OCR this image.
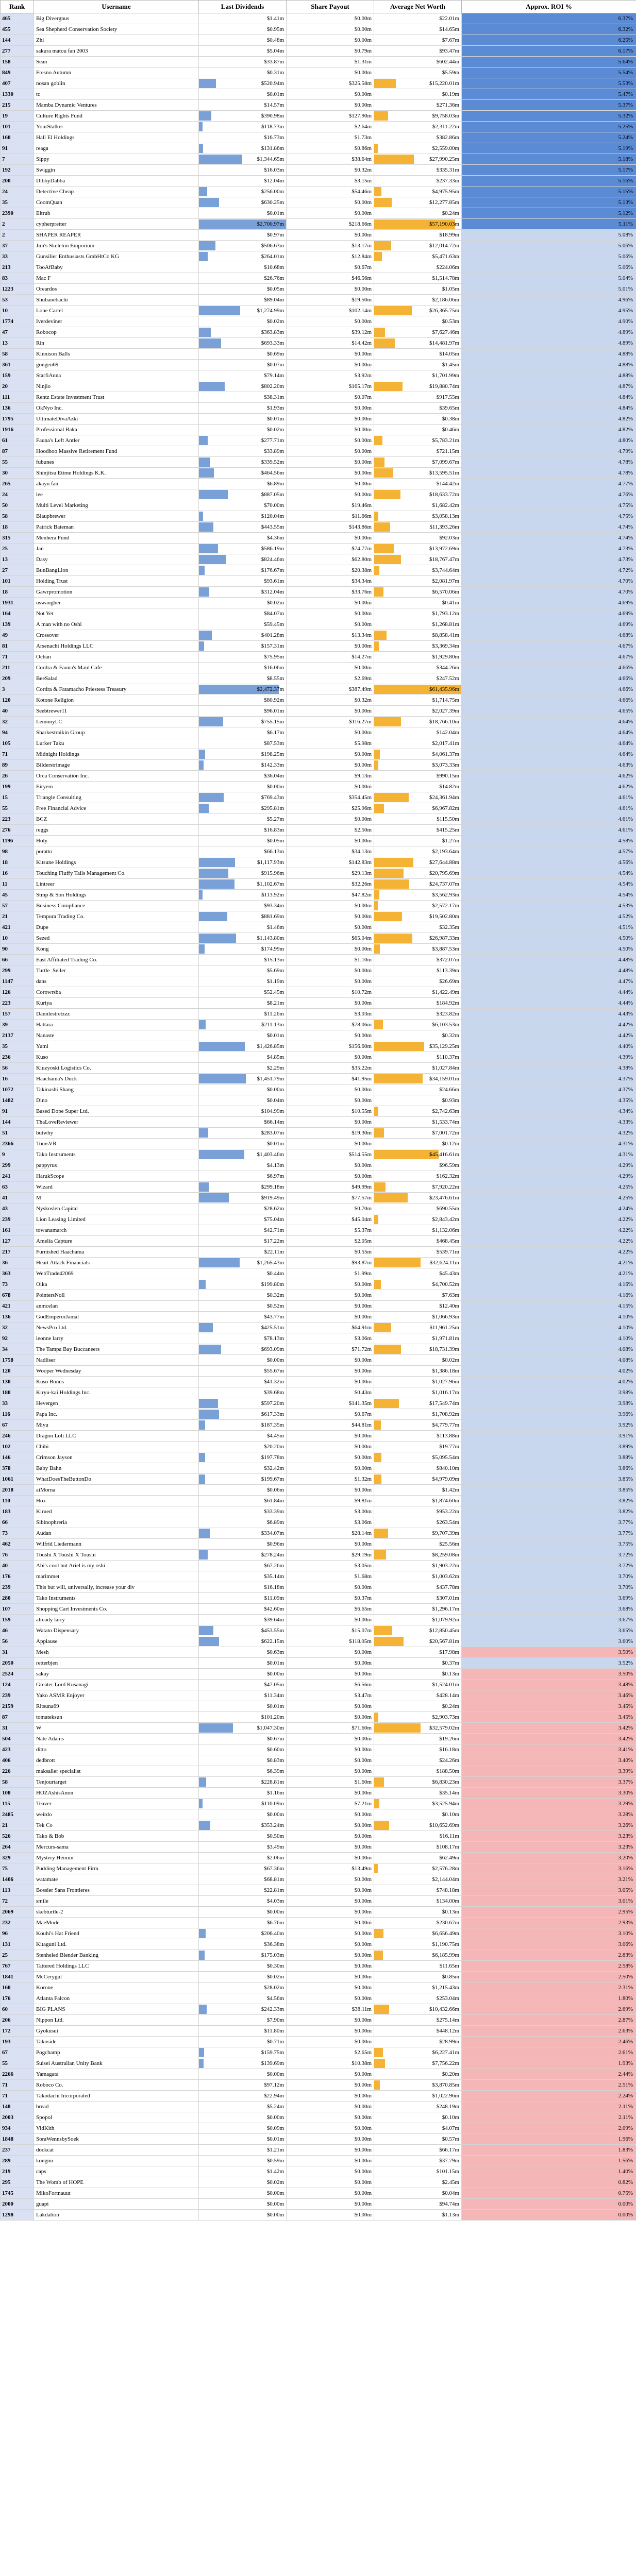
Rank	Username	Last Dividends	Share Payout	Average Net Worth	Approx. ROI %
465	Big Divergnus	$1.41m	$0.00m	$22.01m	6.37%
455	Sea Shepherd Conservation Society	$0.95m	$0.00m	$14.65m	6.32%
144	Zhi	$0.48m	$0.00m	$7.67m	6.25%
277	sakura matou fan 2003	$5.04m	$0.79m	$93.47m	6.17%
158	Sean	$33.87m	$1.31m	$602.44m	5.64%
849	Fresno Autumn	$0.31m	$0.00m	$5.59m	5.54%
407	nosan goblin	$520.94m	$325.58m	$15,220.01m	5.53%
1330	tc	$0.01m	$0.00m	$0.19m	5.47%
215	Mamba Dynamic Ventures	$14.57m	$0.00m	$271.36m	5.37%
19	Culture Rights Fund	$390.98m	$127.90m	$9,758.03m	5.32%
101	YourStalker	$118.73m	$2.64m	$2,311.22m	5.25%
160	Hall El Holdings	$16.73m	$1.73m	$382.86m	5.24%
91	reaga	$131.86m	$0.86m	$2,559.00m	5.19%
7	Sippy	$1,344.65m	$38.64m	$27,990.25m	5.18%
192	Swiggin	$16.03m	$0.32m	$335.31m	5.17%
200	DibbyDabba	$12.04m	$3.15m	$237.33m	5.16%
24	Detective Cheap	$256.00m	$54.46m	$4,975.95m	5.15%
35	CoomQuan	$630.25m	$0.00m	$12,277.85m	5.13%
2390	Eltrub	$0.01m	$0.00m	$0.24m	5.12%
2	cypherpretter	$2,700.97m	$218.66m	$57,190.03m	5.11%
2	SHAPER REAPER	$0.97m	$0.00m	$18.99m	5.08%
37	Jim's Skeleton Emporium	$506.63m	$13.17m	$12,014.72m	5.06%
33	Gunsilier Enthusiasts GmbHtCo KG	$264.01m	$12.84m	$5,471.63m	5.06%
213	TooAfBaby	$10.68m	$0.67m	$224.06m	5.06%
83	Mac F	$26.76m	$46.56m	$1,514.78m	5.04%
1223	Oreardos	$0.05m	$0.00m	$1.05m	5.01%
53	Shubanebachi	$89.04m	$19.50m	$2,186.06m	4.96%
10	Lone Cartel	$1,274.99m	$102.14m	$26,365.75m	4.95%
1774	Iverdeviner	$0.02m	$0.00m	$0.53m	4.90%
47	Robocop	$363.83m	$39.12m	$7,627.46m	4.89%
13	Rin	$693.33m	$14.42m	$14,481.97m	4.89%
58	Kinnison Balls	$0.69m	$0.00m	$14.05m	4.88%
361	gongen69	$0.07m	$0.00m	$1.45m	4.88%
159	StarfiAnna	$79.14m	$3.92m	$1,701.99m	4.88%
20	Ninjio	$802.20m	$165.17m	$19,880.74m	4.87%
111	Rentz Estate Investment Trust	$38.31m	$0.07m	$917.55m	4.84%
136	OkNyo Inc.	$1.93m	$0.00m	$39.65m	4.84%
1795	UltimateDivaAzki	$0.01m	$0.00m	$0.38m	4.82%
1916	Professional Baka	$0.02m	$0.00m	$0.46m	4.82%
61	Fauna's Left Antler	$277.71m	$0.00m	$5,783.21m	4.80%
87	Hoodboo Massive Retirement Fund	$33.89m	$0.00m	$721.15m	4.79%
55	fubunes	$339.52m	$0.00m	$7,099.67m	4.78%
30	Shinjitsu Etime Holdings K.K.	$464.56m	$0.00m	$13,595.51m	4.78%
265	akayu fan	$6.89m	$0.00m	$144.42m	4.77%
24	lee	$887.05m	$0.00m	$18,633.72m	4.76%
50	Multi Level Marketing	$70.00m	$19.46m	$1,682.42m	4.75%
58	Blaupbrewer	$120.04m	$11.66m	$3,058.13m	4.75%
18	Patrick Bateman	$443.55m	$143.86m	$11,393.26m	4.74%
315	Menhera Fund	$4.36m	$0.00m	$92.03m	4.74%
25	Jan	$586.19m	$74.77m	$13,972.69m	4.73%
13	Dasy	$824.46m	$62.80m	$18,767.47m	4.73%
27	BunBangLion	$176.67m	$20.38m	$3,744.64m	4.72%
101	Holding Trust	$93.61m	$34.34m	$2,081.97m	4.70%
18	Gawrpromotion	$312.04m	$33.76m	$6,570.06m	4.70%
1931	uswangher	$0.02m	$0.00m	$0.41m	4.69%
164	Not Yet	$84.07m	$0.00m	$1,793.12m	4.69%
139	A man with no Oshi	$59.45m	$0.00m	$1,268.81m	4.69%
49	Crossover	$401.28m	$13.34m	$8,858.41m	4.68%
81	Arsenachi Holdings LLC	$157.31m	$0.00m	$3,369.34m	4.67%
71	Ochan	$75.95m	$14.27m	$1,929.80m	4.67%
211	Cordra & Fauna's Maid Cafe	$16.06m	$0.00m	$344.26m	4.66%
209	BeeSalad	$8.55m	$2.69m	$247.52m	4.66%
3	Cordra & Fatamacho Priestess Treasury	$2,472.37m	$387.49m	$61,435.96m	4.66%
120	Kotone Religion	$80.92m	$0.32m	$1,714.75m	4.66%
40	Seebtrewer11	$96.01m	$0.00m	$2,027.39m	4.65%
32	LemonyLC	$755.15m	$116.27m	$18,766.10m	4.64%
94	Sharkestraikin Group	$6.17m	$0.00m	$142.04m	4.64%
105	Lurker Taku	$87.53m	$5.98m	$2,017.41m	4.64%
71	Midnight Holdings	$198.25m	$0.00m	$4,061.37m	4.64%
89	Bilderstrimage	$142.33m	$0.00m	$3,073.33m	4.63%
26	Orca Conservation Inc.	$36.04m	$9.13m	$990.15m	4.62%
199	Eiryem	$0.00m	$0.00m	$14.82m	4.62%
15	Triangle Consulting	$769.43m	$354.45m	$24,361.94m	4.61%
55	Free Financial Advice	$295.81m	$25.96m	$6,967.82m	4.61%
223	BCZ	$5.27m	$0.00m	$115.50m	4.61%
276	reggs	$16.83m	$2.50m	$415.25m	4.61%
1196	Holy	$0.05m	$0.00m	$1.27m	4.58%
98	poratto	$66.13m	$34.13m	$2,193.64m	4.57%
18	Kitsune Holdings	$1,117.93m	$142.83m	$27,644.88m	4.56%
16	Touching Fluffy Tails Management Co.	$915.96m	$29.13m	$20,795.69m	4.54%
11	Lintreer	$1,102.67m	$32.26m	$24,737.07m	4.54%
45	Stmp & Son Holdings	$113.92m	$47.82m	$3,562.93m	4.54%
57	Business Compliance	$93.34m	$0.00m	$2,572.17m	4.53%
21	Tempura Trading Co.	$881.69m	$0.00m	$19,502.80m	4.52%
421	Dupe	$1.46m	$0.00m	$32.35m	4.51%
10	Sezed	$1,143.80m	$65.04m	$26,987.33m	4.50%
90	Kong	$174.99m	$0.00m	$3,887.53m	4.50%
66	East Affiliated Trading Co.	$15.13m	$1.10m	$372.07m	4.48%
299	Turtle_Seller	$5.69m	$0.00m	$113.39m	4.48%
1147	dans	$1.19m	$0.00m	$26.69m	4.47%
126	Corowrsba	$52.45m	$10.72m	$1,422.49m	4.44%
223	Kuriya	$8.21m	$0.00m	$184.92m	4.44%
157	Dannlestretzzz	$11.26m	$3.03m	$323.82m	4.43%
39	Hattara	$211.13m	$78.06m	$6,103.53m	4.42%
2137	Nanaste	$0.01m	$0.00m	$0.32m	4.42%
35	Yumi	$1,426.85m	$156.60m	$35,129.25m	4.40%
236	Kuso	$4.85m	$0.00m	$110.37m	4.39%
56	Kiuzyoski Logistics Co.	$2.29m	$35.22m	$1,027.84m	4.38%
16	Haachama's Duck	$1,451.79m	$41.95m	$34,159.01m	4.37%
1072	Takinashi Shang	$0.00m	$0.00m	$24.66m	4.37%
1482	Dino	$0.04m	$0.00m	$0.93m	4.35%
91	Based Dope Super Ltd.	$104.99m	$10.55m	$2,742.63m	4.34%
144	ThaLoveReviewer	$66.14m	$0.00m	$1,533.74m	4.33%
51	butwhy	$283.07m	$19.30m	$7,001.72m	4.32%
2366	TomsVR	$0.01m	$0.00m	$0.12m	4.31%
9	Tako Instruments	$1,403.46m	$514.55m	$45,416.61m	4.31%
299	pappyrus	$4.13m	$0.00m	$96.59m	4.29%
241	HarukScope	$6.97m	$0.00m	$162.32m	4.29%
63	Wizard	$299.18m	$49.99m	$7,920.22m	4.25%
41	M	$919.49m	$77.57m	$23,476.61m	4.25%
43	Nyskoslen Capital	$28.62m	$0.70m	$690.55m	4.24%
239	Lion Leasing Limited	$75.04m	$45.04m	$2,843.42m	4.22%
161	towanamarch	$42.71m	$5.37m	$1,132.06m	4.22%
127	Amelia Capture	$17.22m	$2.05m	$468.45m	4.22%
217	Furnished Haachama	$22.11m	$0.55m	$539.71m	4.22%
36	Heart Attack Financials	$1,265.43m	$93.87m	$32,624.11m	4.21%
363	WebTrade42069	$0.44m	$1.99m	$45.43m	4.21%
73	Oika	$199.80m	$0.00m	$4,700.52m	4.16%
678	PointersNoll	$0.32m	$0.00m	$7.63m	4.16%
421	anmcelan	$0.52m	$0.00m	$12.40m	4.15%
136	GodEmperorJamal	$43.77m	$0.00m	$1,066.93m	4.10%
32	NewsPro Ltd.	$425.51m	$64.91m	$11,961.25m	4.10%
92	leonne larry	$78.13m	$3.06m	$1,971.81m	4.10%
34	The Tampa Bay Buccaneers	$693.09m	$71.72m	$18,731.39m	4.08%
1758	Nadliser	$0.00m	$0.00m	$0.02m	4.08%
120	Wooper Wednesday	$55.67m	$0.00m	$1,386.18m	4.02%
130	Kuso Bonus	$41.32m	$0.00m	$1,027.96m	4.02%
180	Kiryu-kai Holdings Inc.	$39.68m	$0.43m	$1,016.17m	3.98%
33	Hevergen	$597.20m	$141.35m	$17,549.74m	3.98%
116	Papa Inc.	$617.33m	$0.67m	$1,708.92m	3.96%
67	Miyu	$187.35m	$44.81m	$4,779.77m	3.92%
246	Dragon Loli LLC	$4.45m	$0.00m	$113.88m	3.91%
102	Chibi	$20.20m	$0.00m	$19.77m	3.89%
146	Crimson Jayson	$197.78m	$0.00m	$5,095.54m	3.88%
378	Baby Bahn	$32.42m	$0.00m	$840.10m	3.86%
1061	WhatDoesTheButtonDo	$199.67m	$1.32m	$4,979.09m	3.85%
2018	aiMorna	$0.06m	$0.00m	$1.42m	3.85%
110	Hox	$61.84m	$9.81m	$1,874.60m	3.82%
183	Kirued	$33.39m	$3.00m	$953.22m	3.82%
66	Sibinophreria	$6.89m	$3.06m	$263.54m	3.77%
73	Audan	$334.07m	$28.14m	$9,707.39m	3.77%
462	Wilfrid Liedermann	$0.96m	$0.00m	$25.56m	3.75%
76	Toushi X Toushi X Toushi	$278.24m	$29.19m	$8,259.08m	3.72%
40	Abi's cool but Ariel is my oshi	$67.26m	$3.05m	$1,903.22m	3.72%
176	marimmet	$35.14m	$1.68m	$1,003.62m	3.70%
239	This but will, universally, increase your div	$16.18m	$0.00m	$437.78m	3.70%
280	Tako Instruments	$11.09m	$0.37m	$307.01m	3.69%
107	Shopping Cart Investments Co.	$42.60m	$6.65m	$1,296.17m	3.68%
159	already larry	$39.64m	$0.00m	$1,079.92m	3.67%
46	Watato Dispensary	$453.55m	$15.07m	$12,850.45m	3.65%
56	Applause	$622.15m	$118.05m	$20,567.81m	3.60%
31	Mesh	$0.63m	$0.00m	$17.98m	3.50%
2050	retterbjen	$0.01m	$0.00m	$0.37m	3.52%
2524	sakay	$0.00m	$0.00m	$0.13m	3.50%
124	Greater Lord Kusanagi	$47.05m	$6.56m	$1,524.01m	3.48%
239	Yako ASMR Enjoyer	$11.34m	$3.47m	$428.14m	3.46%
2159	Ritsuna69	$0.01m	$0.00m	$0.24m	3.45%
87	tomateksun	$101.20m	$0.00m	$2,903.73m	3.45%
31	W	$1,047.30m	$71.60m	$32,579.02m	3.42%
504	Nate Adams	$0.67m	$0.00m	$19.26m	3.42%
423	ditto	$0.60m	$0.00m	$16.18m	3.41%
406	dedbrott	$0.83m	$0.00m	$24.26m	3.40%
226	maksaller specialist	$6.39m	$0.00m	$188.50m	3.39%
58	Tenjourtarget	$228.81m	$1.60m	$6,830.23m	3.37%
108	HOZAshisAnon	$1.16m	$0.00m	$35.14m	3.30%
115	Teaver	$110.09m	$7.21m	$3,525.94m	3.29%
2485	weirdo	$0.00m	$0.00m	$0.10m	3.28%
21	Tek Co	$353.24m	$0.00m	$10,652.69m	3.26%
526	Tako & Bob	$0.50m	$0.00m	$16.11m	3.23%
264	Mercurs-sama	$3.49m	$0.00m	$108.17m	3.23%
329	Mystery Heimin	$2.06m	$0.00m	$62.49m	3.20%
75	Pudding Management Firm	$67.36m	$13.49m	$2,576.28m	3.16%
1406	watamate	$68.81m	$0.00m	$2,144.04m	3.21%
113	Bossier Sans Frontieres	$22.81m	$0.00m	$748.18m	3.05%
72	smile	$4.03m	$0.00m	$134.00m	3.01%
2069	skebturtle-2	$0.00m	$0.00m	$0.13m	2.95%
232	MaeMode	$6.76m	$0.00m	$230.67m	2.93%
96	Kouhi's Hat Friend	$206.40m	$0.00m	$6,656.49m	3.10%
131	Kitaguni Ltd.	$36.38m	$0.00m	$1,190.75m	3.06%
25	Stenheled Blender Banking	$175.03m	$0.00m	$6,185.99m	2.83%
767	Tattered Holdings LLC	$0.30m	$0.00m	$11.65m	2.58%
1841	McCerygul	$0.02m	$0.00m	$0.85m	2.50%
160	Korone	$28.02m	$0.00m	$1,215.43m	2.31%
176	Atlanta Falcon	$4.56m	$0.00m	$253.04m	1.80%
60	BIG PLANS	$242.33m	$38.11m	$10,432.66m	2.69%
206	Nippon Ltd.	$7.90m	$0.00m	$275.14m	2.87%
172	Gyokusui	$11.80m	$0.00m	$448.12m	2.63%
193	Takoside	$0.71m	$0.00m	$28.99m	2.46%
67	Pogchamp	$159.75m	$2.65m	$6,227.41m	2.61%
55	Suisei Australian Unity Bank	$139.69m	$10.38m	$7,756.22m	1.93%
2266	Yamagata	$0.00m	$0.00m	$0.20m	2.44%
71	Roboco Co.	$97.12m	$0.00m	$3,870.85m	2.51%
71	Takodachi Incorporated	$22.94m	$0.00m	$1,022.96m	2.24%
148	bread	$5.24m	$0.00m	$248.19m	2.11%
2003	Spopol	$0.00m	$0.00m	$0.10m	2.11%
934	VidKith	$0.09m	$0.00m	$4.07m	2.09%
1848	SoraWennsbySoek	$0.01m	$0.00m	$0.57m	1.96%
237	dockcat	$1.21m	$0.00m	$66.17m	1.83%
289	kongou	$0.59m	$0.00m	$37.79m	1.56%
219	caps	$1.42m	$0.00m	$101.15m	1.40%
295	The Womb of HOPE	$0.02m	$0.00m	$2.45m	0.82%
1745	MikoFortnauut	$0.00m	$0.00m	$0.04m	0.75%
2000	guapi	$0.00m	$0.00m	$94.74m	0.00%
1298	Lakdalion	$0.00m	$0.00m	$1.13m	0.00%
